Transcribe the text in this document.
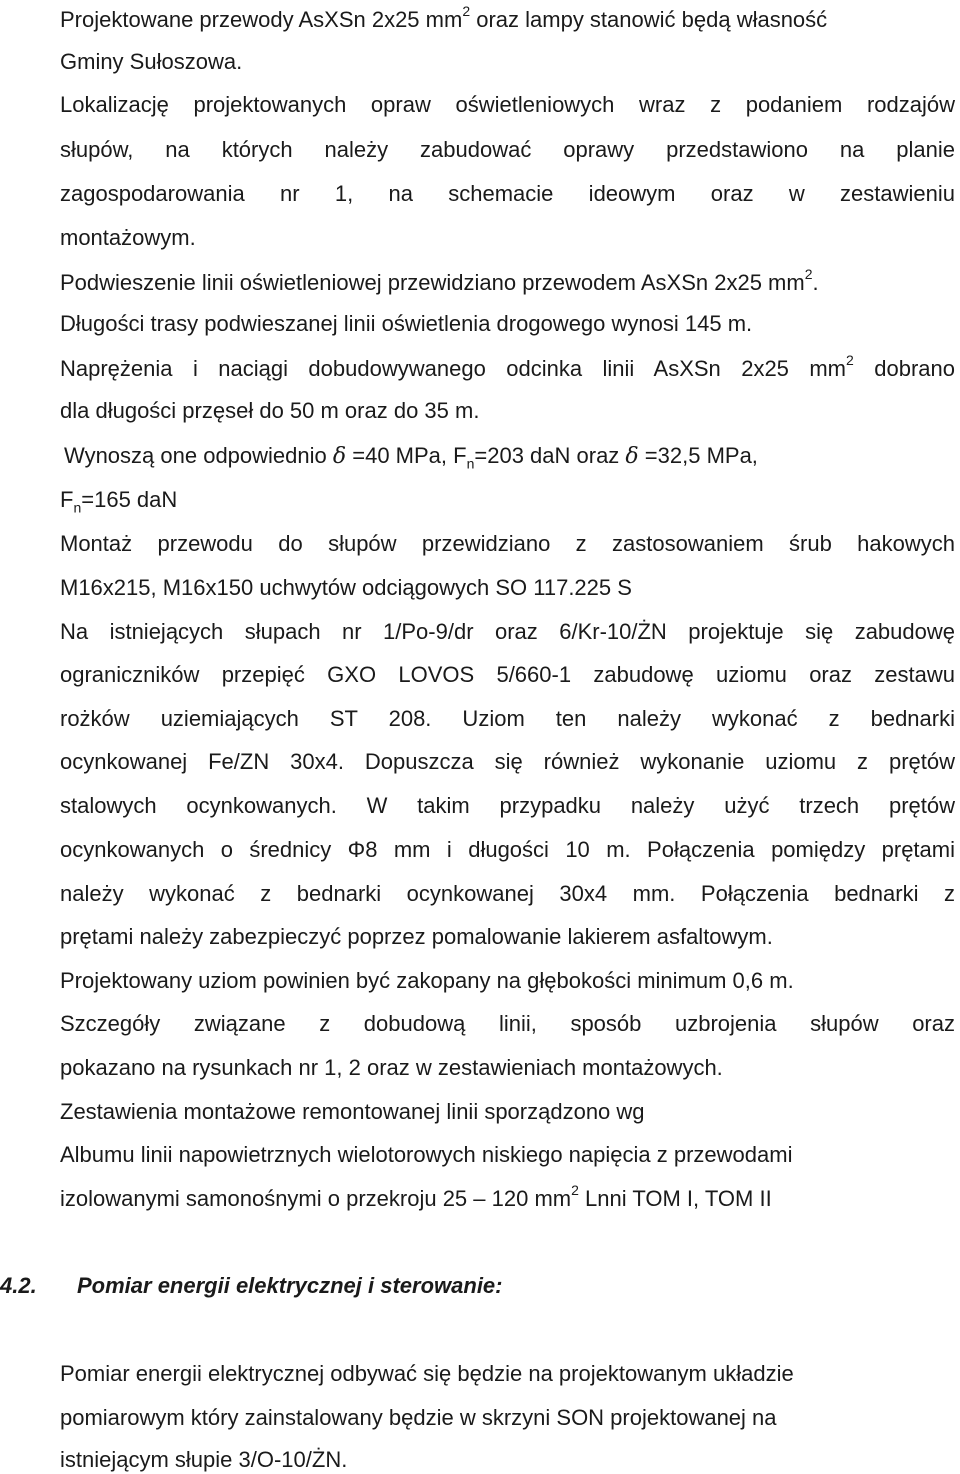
Projektowane przewody AsXSn 2x25 $mm^2$ oraz lampy stanowić będą własność

Gminy Sułoszowa.

Lokalizację projektowanych opraw oświetleniowych wraz z podaniem rodzajów

słupów, na których należy zabudować oprawy przedstawiono na planie

zagospodarowania nr 1, na schemacie ideowym oraz w zestawieniu

montażowym.

Podwieszenie linii oświetleniowej przewidziano przewodem AsXSn 2x25 $mm^2$.

Długości trasy podwieszanej linii oświetlenia drogowego wynosi 145 m.

Naprężenia i naciągi dobudowywanego odcinka linii AsXSn 2x25 $mm^2$ dobrano

dla długości przęseł do 50 m oraz do 35 m.

Wynoszą one odpowiednio δ =40 MPa, $F_n=203$ daN oraz δ =32,5 MPa,

$F_n=165$ daN

Montaż przewodu do słupów przewidziano z zastosowaniem śrub hakowych

M16x215, M16x150 uchwytów odciągowych SO 117.225 S

Na istniejących słupach nr 1/Po-9/dr oraz 6/Kr-10/ŻN projektuje się zabudowę

ograniczników przepięć GXO LOVOS 5/660-1 zabudowę uziomu oraz zestawu

rożków uziemiających ST 208. Uziom ten należy wykonać z bednarki

ocynkowanej Fe/ZN 30x4. Dopuszcza się również wykonanie uziomu z prętów

stalowych ocynkowanych. W takim przypadku należy użyć trzech prętów

ocynkowanych o średnicy Φ8 mm i długości 10 m. Połączenia pomiędzy prętami

należy wykonać z bednarki ocynkowanej 30x4 mm. Połączenia bednarki z

prętami należy zabezpieczyć poprzez pomalowanie lakierem asfaltowym.

Projektowany uziom powinien być zakopany na głębokości minimum 0,6 m.

Szczegóły związane z dobudową linii, sposób uzbrojenia słupów oraz

pokazano na rysunkach nr 1, 2 oraz w zestawieniach montażowych.

Zestawienia montażowe remontowanej linii sporządzono wg

Albumu linii napowietrznych wielotorowych niskiego napięcia z przewodami

izolowanymi samonośnymi o przekroju 25 – 120 $mm^2$ Lnni TOM I, TOM II

4.2. Pomiar energii elektrycznej i sterowanie:

Pomiar energii elektrycznej odbywać się będzie na projektowanym układzie

pomiarowym który zainstalowany będzie w skrzyni SON projektowanej na

istniejącym słupie 3/O-10/ŻN.
